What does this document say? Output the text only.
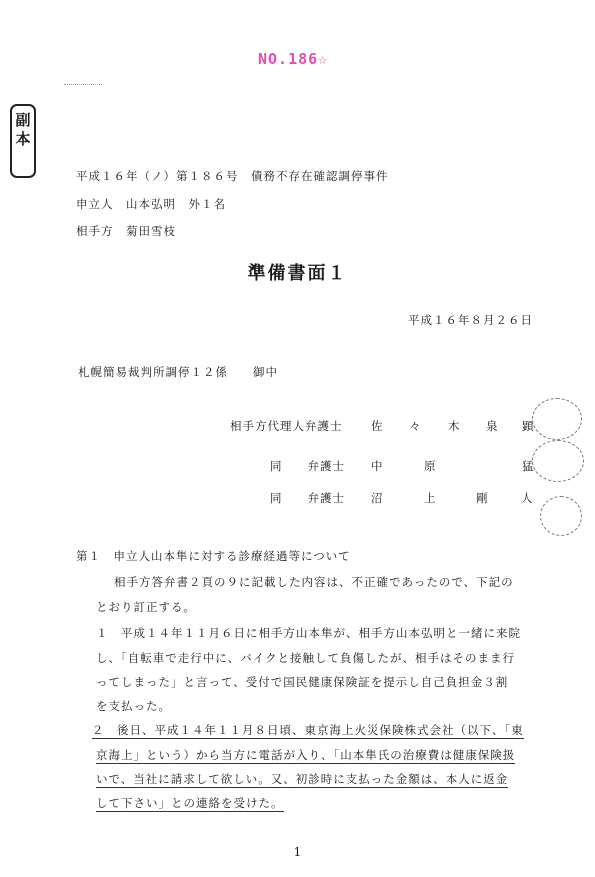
NO.186☆
副
本
平成１６年（ノ）第１８６号　債務不存在確認調停事件
申立人　山本弘明　外１名
相手方　菊田雪枝
準備書面１
平成１６年８月２６日
札幌簡易裁判所調停１２係　　御中
相手方代理人弁護士 佐 々 木 泉 顕
同　　弁護士 中	原	猛
同　　弁護士 沼	上	剛	人
第１　申立人山本隼に対する診療経過等について
相手方答弁書２頁の９に記載した内容は、不正確であったので、下記の
とおり訂正する。
１　平成１４年１１月６日に相手方山本隼が、相手方山本弘明と一緒に来院
し、「自転車で走行中に、バイクと接触して負傷したが、相手はそのまま行
ってしまった」と言って、受付で国民健康保険証を提示し自己負担金３割
を支払った。
２　後日、平成１４年１１月８日頃、東京海上火災保険株式会社（以下、「東
京海上」という）から当方に電話が入り、「山本隼氏の治療費は健康保険扱
いで、当社に請求して欲しい。又、初診時に支払った金額は、本人に返金
して下さい」との連絡を受けた。
1
